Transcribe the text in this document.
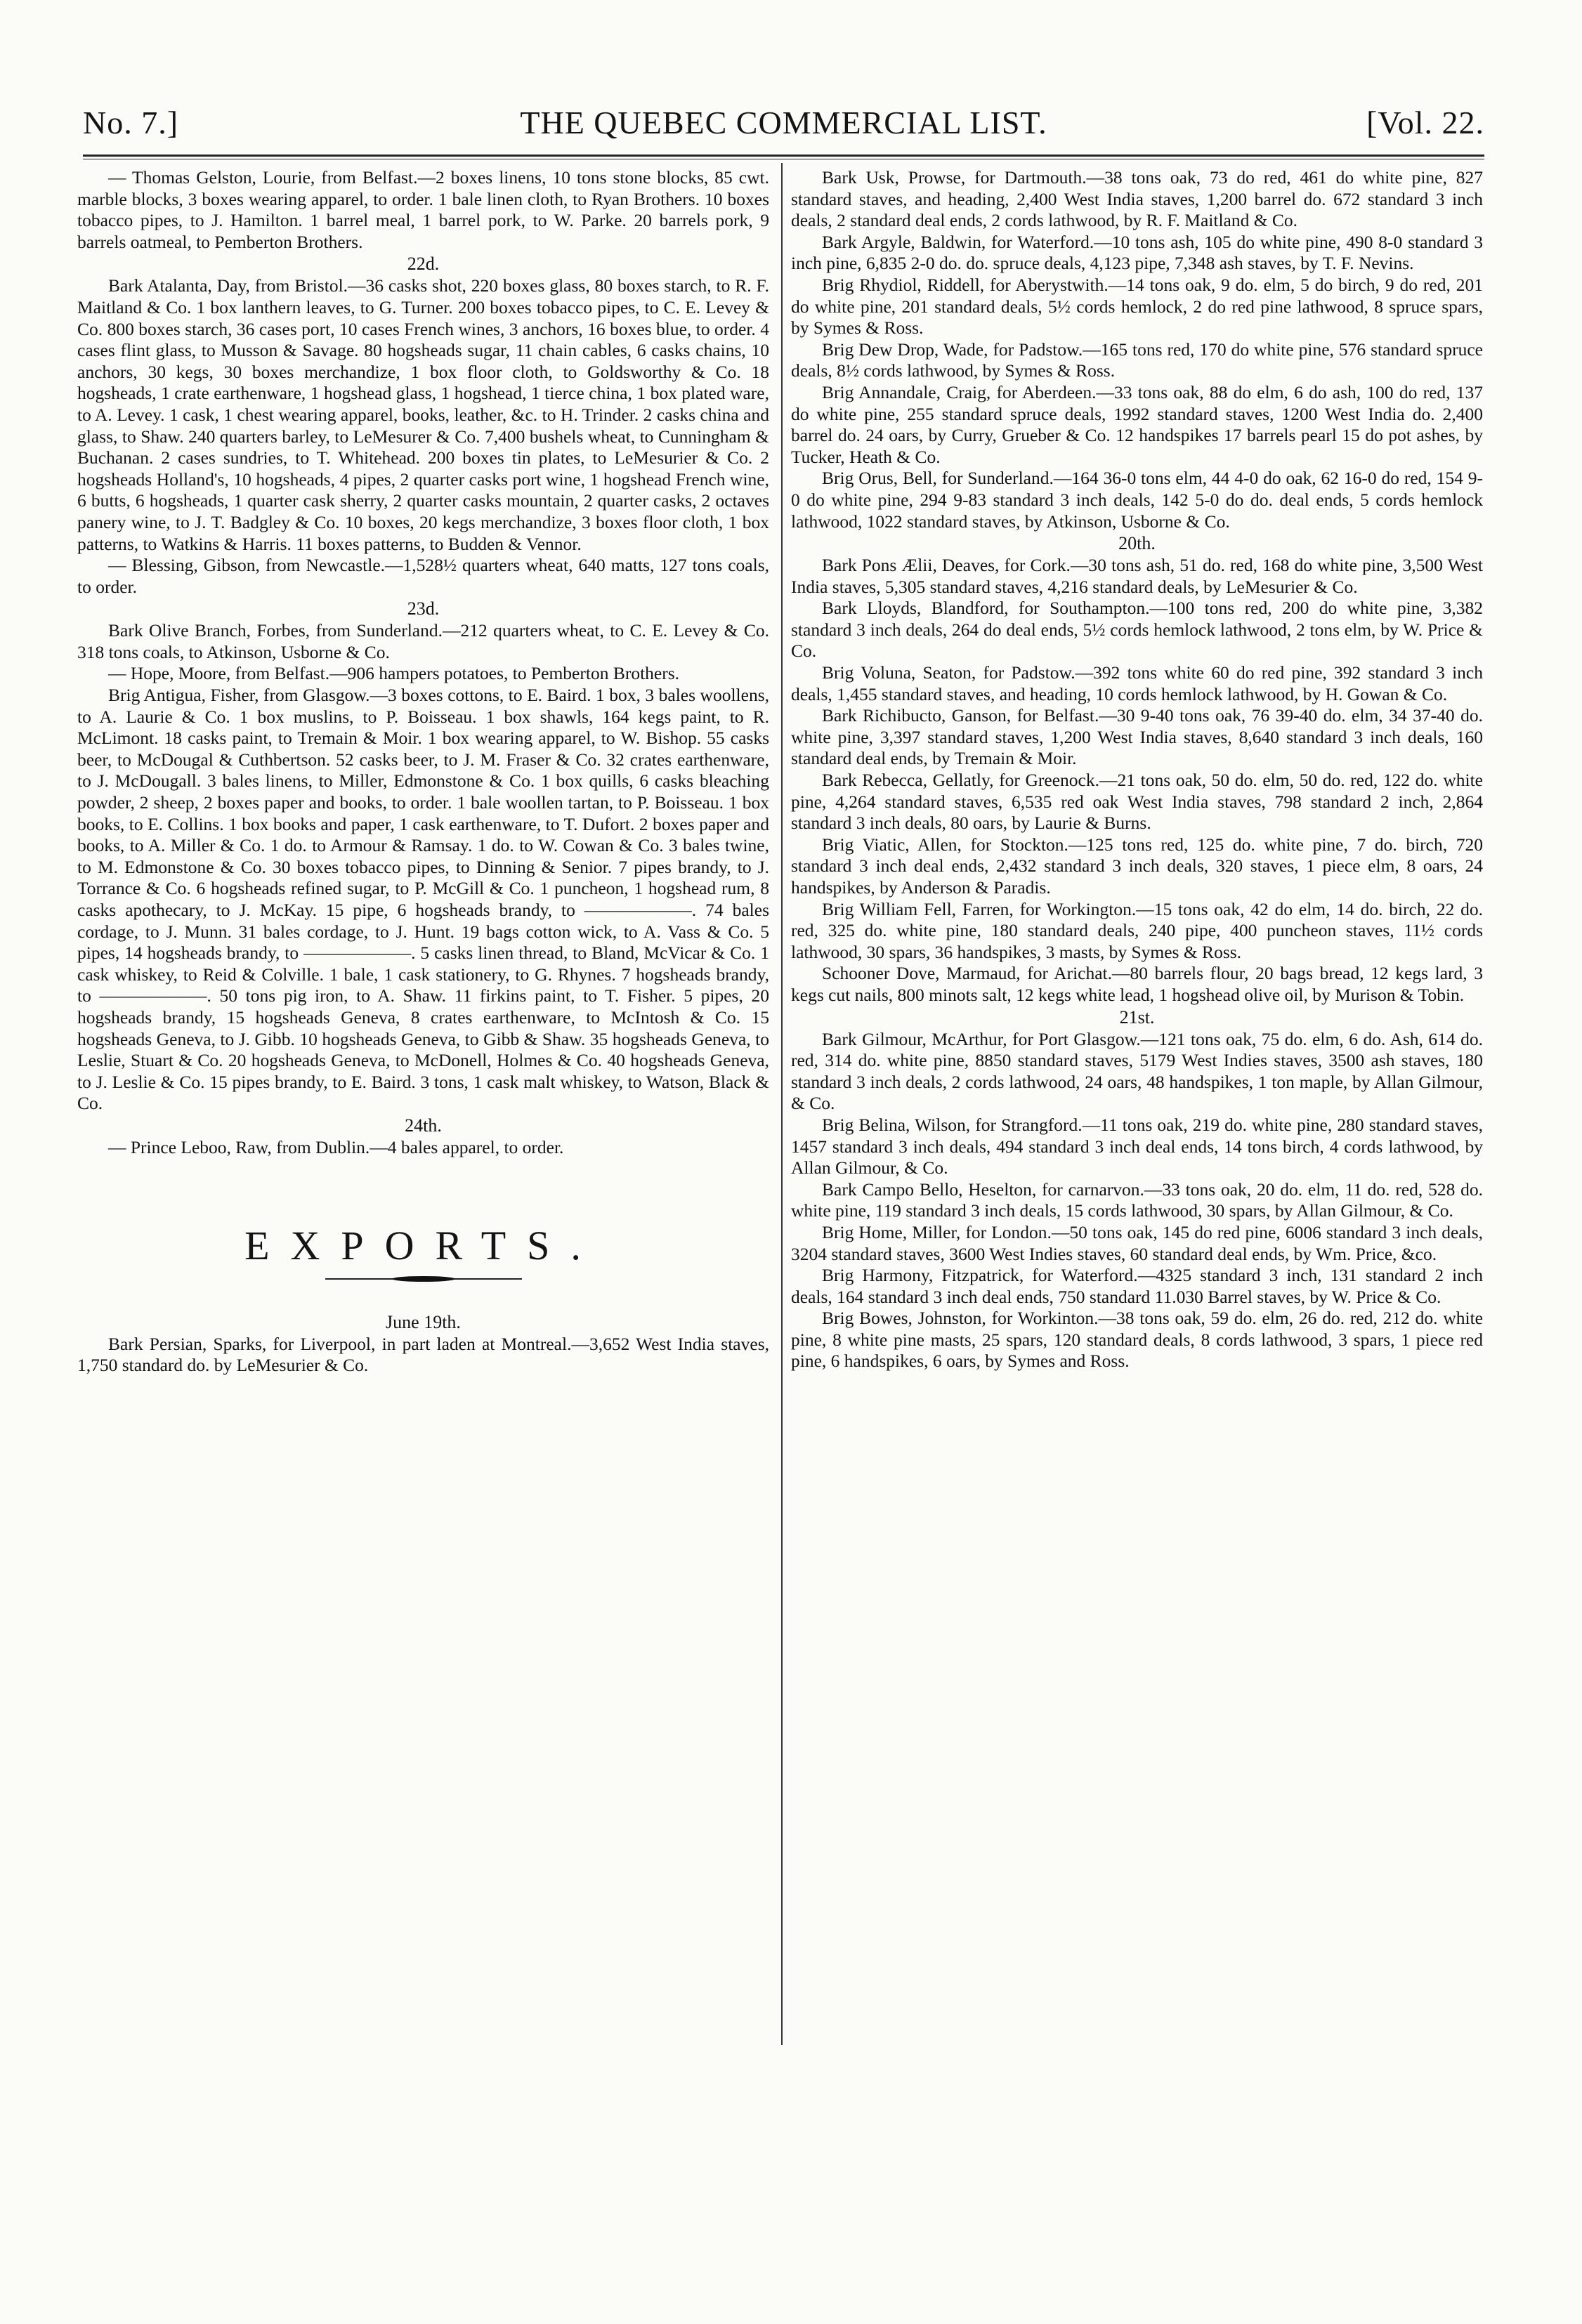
No. 7.]	THE QUEBEC COMMERCIAL LIST.	[Vol. 22.

— Thomas Gelston, Lourie, from Belfast.—2 boxes linens, 10 tons stone blocks, 85 cwt. marble blocks, 3 boxes wearing apparel, to order. 1 bale linen cloth, to Ryan Brothers. 10 boxes tobacco pipes, to J. Hamilton. 1 barrel meal, 1 barrel pork, to W. Parke. 20 barrels pork, 9 barrels oatmeal, to Pemberton Brothers.

22d.

Bark Atalanta, Day, from Bristol.—36 casks shot, 220 boxes glass, 80 boxes starch, to R. F. Maitland & Co. 1 box lanthern leaves, to G. Turner. 200 boxes tobacco pipes, to C. E. Levey & Co. 800 boxes starch, 36 cases port, 10 cases French wines, 3 anchors, 16 boxes blue, to order. 4 cases flint glass, to Musson & Savage. 80 hogsheads sugar, 11 chain cables, 6 casks chains, 10 anchors, 30 kegs, 30 boxes merchandize, 1 box floor cloth, to Goldsworthy & Co. 18 hogsheads, 1 crate earthenware, 1 hogshead glass, 1 hogshead, 1 tierce china, 1 box plated ware, to A. Levey. 1 cask, 1 chest wearing apparel, books, leather, &c. to H. Trinder. 2 casks china and glass, to Shaw. 240 quarters barley, to LeMesurer & Co. 7,400 bushels wheat, to Cunningham & Buchanan. 2 cases sundries, to T. Whitehead. 200 boxes tin plates, to LeMesurier & Co. 2 hogsheads Holland's, 10 hogsheads, 4 pipes, 2 quarter casks port wine, 1 hogshead French wine, 6 butts, 6 hogsheads, 1 quarter cask sherry, 2 quarter casks mountain, 2 quarter casks, 2 octaves panery wine, to J. T. Badgley & Co. 10 boxes, 20 kegs merchandize, 3 boxes floor cloth, 1 box patterns, to Watkins & Harris. 11 boxes patterns, to Budden & Vennor.

— Blessing, Gibson, from Newcastle.—1,528½ quarters wheat, 640 matts, 127 tons coals, to order.

23d.

Bark Olive Branch, Forbes, from Sunderland.—212 quarters wheat, to C. E. Levey & Co. 318 tons coals, to Atkinson, Usborne & Co.

— Hope, Moore, from Belfast.—906 hampers potatoes, to Pemberton Brothers.

Brig Antigua, Fisher, from Glasgow.—3 boxes cottons, to E. Baird. 1 box, 3 bales woollens, to A. Laurie & Co. 1 box muslins, to P. Boisseau. 1 box shawls, 164 kegs paint, to R. McLimont. 18 casks paint, to Tremain & Moir. 1 box wearing apparel, to W. Bishop. 55 casks beer, to McDougal & Cuthbertson. 52 casks beer, to J. M. Fraser & Co. 32 crates earthenware, to J. McDougall. 3 bales linens, to Miller, Edmonstone & Co. 1 box quills, 6 casks bleaching powder, 2 sheep, 2 boxes paper and books, to order. 1 bale woollen tartan, to P. Boisseau. 1 box books, to E. Collins. 1 box books and paper, 1 cask earthenware, to T. Dufort. 2 boxes paper and books, to A. Miller & Co. 1 do. to Armour & Ramsay. 1 do. to W. Cowan & Co. 3 bales twine, to M. Edmonstone & Co. 30 boxes tobacco pipes, to Dinning & Senior. 7 pipes brandy, to J. Torrance & Co. 6 hogsheads refined sugar, to P. McGill & Co. 1 puncheon, 1 hogshead rum, 8 casks apothecary, to J. McKay. 15 pipe, 6 hogsheads brandy, to ——————. 74 bales cordage, to J. Munn. 31 bales cordage, to J. Hunt. 19 bags cotton wick, to A. Vass & Co. 5 pipes, 14 hogsheads brandy, to ——————. 5 casks linen thread, to Bland, McVicar & Co. 1 cask whiskey, to Reid & Colville. 1 bale, 1 cask stationery, to G. Rhynes. 7 hogsheads brandy, to ——————. 50 tons pig iron, to A. Shaw. 11 firkins paint, to T. Fisher. 5 pipes, 20 hogsheads brandy, 15 hogsheads Geneva, 8 crates earthenware, to McIntosh & Co. 15 hogsheads Geneva, to J. Gibb. 10 hogsheads Geneva, to Gibb & Shaw. 35 hogsheads Geneva, to Leslie, Stuart & Co. 20 hogsheads Geneva, to McDonell, Holmes & Co. 40 hogsheads Geneva, to J. Leslie & Co. 15 pipes brandy, to E. Baird. 3 tons, 1 cask malt whiskey, to Watson, Black & Co.

24th.

— Prince Leboo, Raw, from Dublin.—4 bales apparel, to order.

EXPORTS.

June 19th.

Bark Persian, Sparks, for Liverpool, in part laden at Montreal.—3,652 West India staves, 1,750 standard do. by LeMesurier & Co.

Bark Usk, Prowse, for Dartmouth.—38 tons oak, 73 do red, 461 do white pine, 827 standard staves, and heading, 2,400 West India staves, 1,200 barrel do. 672 standard 3 inch deals, 2 standard deal ends, 2 cords lathwood, by R. F. Maitland & Co.

Bark Argyle, Baldwin, for Waterford.—10 tons ash, 105 do white pine, 490 8-0 standard 3 inch pine, 6,835 2-0 do. do. spruce deals, 4,123 pipe, 7,348 ash staves, by T. F. Nevins.

Brig Rhydiol, Riddell, for Aberystwith.—14 tons oak, 9 do. elm, 5 do birch, 9 do red, 201 do white pine, 201 standard deals, 5½ cords hemlock, 2 do red pine lathwood, 8 spruce spars, by Symes & Ross.

Brig Dew Drop, Wade, for Padstow.—165 tons red, 170 do white pine, 576 standard spruce deals, 8½ cords lathwood, by Symes & Ross.

Brig Annandale, Craig, for Aberdeen.—33 tons oak, 88 do elm, 6 do ash, 100 do red, 137 do white pine, 255 standard spruce deals, 1992 standard staves, 1200 West India do. 2,400 barrel do. 24 oars, by Curry, Grueber & Co. 12 handspikes 17 barrels pearl 15 do pot ashes, by Tucker, Heath & Co.

Brig Orus, Bell, for Sunderland.—164 36-0 tons elm, 44 4-0 do oak, 62 16-0 do red, 154 9-0 do white pine, 294 9-83 standard 3 inch deals, 142 5-0 do do. deal ends, 5 cords hemlock lathwood, 1022 standard staves, by Atkinson, Usborne & Co.

20th.

Bark Pons Ælii, Deaves, for Cork.—30 tons ash, 51 do. red, 168 do white pine, 3,500 West India staves, 5,305 standard staves, 4,216 standard deals, by LeMesurier & Co.

Bark Lloyds, Blandford, for Southampton.—100 tons red, 200 do white pine, 3,382 standard 3 inch deals, 264 do deal ends, 5½ cords hemlock lathwood, 2 tons elm, by W. Price & Co.

Brig Voluna, Seaton, for Padstow.—392 tons white 60 do red pine, 392 standard 3 inch deals, 1,455 standard staves, and heading, 10 cords hemlock lathwood, by H. Gowan & Co.

Bark Richibucto, Ganson, for Belfast.—30 9-40 tons oak, 76 39-40 do. elm, 34 37-40 do. white pine, 3,397 standard staves, 1,200 West India staves, 8,640 standard 3 inch deals, 160 standard deal ends, by Tremain & Moir.

Bark Rebecca, Gellatly, for Greenock.—21 tons oak, 50 do. elm, 50 do. red, 122 do. white pine, 4,264 standard staves, 6,535 red oak West India staves, 798 standard 2 inch, 2,864 standard 3 inch deals, 80 oars, by Laurie & Burns.

Brig Viatic, Allen, for Stockton.—125 tons red, 125 do. white pine, 7 do. birch, 720 standard 3 inch deal ends, 2,432 standard 3 inch deals, 320 staves, 1 piece elm, 8 oars, 24 handspikes, by Anderson & Paradis.

Brig William Fell, Farren, for Workington.—15 tons oak, 42 do elm, 14 do. birch, 22 do. red, 325 do. white pine, 180 standard deals, 240 pipe, 400 puncheon staves, 11½ cords lathwood, 30 spars, 36 handspikes, 3 masts, by Symes & Ross.

Schooner Dove, Marmaud, for Arichat.—80 barrels flour, 20 bags bread, 12 kegs lard, 3 kegs cut nails, 800 minots salt, 12 kegs white lead, 1 hogshead olive oil, by Murison & Tobin.

21st.

Bark Gilmour, McArthur, for Port Glasgow.—121 tons oak, 75 do. elm, 6 do. Ash, 614 do. red, 314 do. white pine, 8850 standard staves, 5179 West Indies staves, 3500 ash staves, 180 standard 3 inch deals, 2 cords lathwood, 24 oars, 48 handspikes, 1 ton maple, by Allan Gilmour, & Co.

Brig Belina, Wilson, for Strangford.—11 tons oak, 219 do. white pine, 280 standard staves, 1457 standard 3 inch deals, 494 standard 3 inch deal ends, 14 tons birch, 4 cords lathwood, by Allan Gilmour, & Co.

Bark Campo Bello, Heselton, for carnarvon.—33 tons oak, 20 do. elm, 11 do. red, 528 do. white pine, 119 standard 3 inch deals, 15 cords lathwood, 30 spars, by Allan Gilmour, & Co.

Brig Home, Miller, for London.—50 tons oak, 145 do red pine, 6006 standard 3 inch deals, 3204 standard staves, 3600 West Indies staves, 60 standard deal ends, by Wm. Price, &co.

Brig Harmony, Fitzpatrick, for Waterford.—4325 standard 3 inch, 131 standard 2 inch deals, 164 standard 3 inch deal ends, 750 standard 11.030 Barrel staves, by W. Price & Co.

Brig Bowes, Johnston, for Workinton.—38 tons oak, 59 do. elm, 26 do. red, 212 do. white pine, 8 white pine masts, 25 spars, 120 standard deals, 8 cords lathwood, 3 spars, 1 piece red pine, 6 handspikes, 6 oars, by Symes and Ross.
